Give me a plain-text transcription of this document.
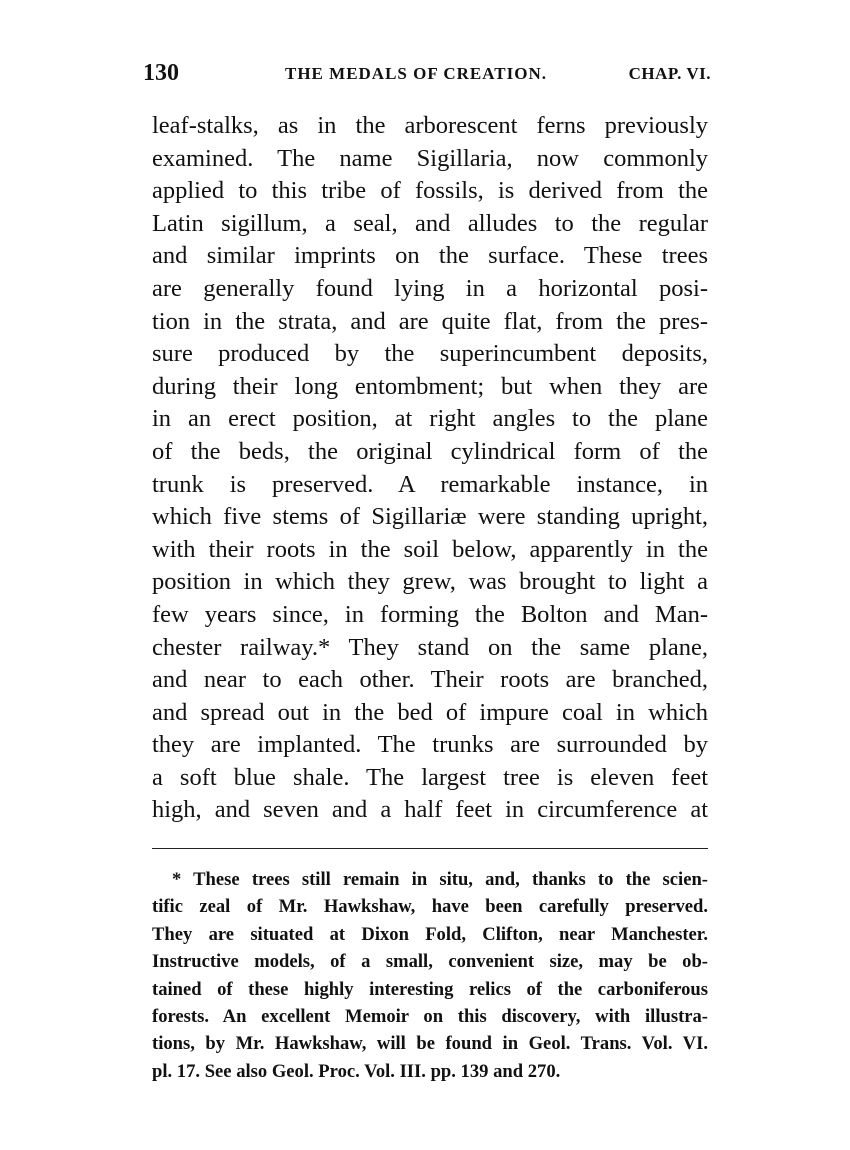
130	THE MEDALS OF CREATION.	CHAP. VI.
leaf-stalks, as in the arborescent ferns previously
examined. The name Sigillaria, now commonly
applied to this tribe of fossils, is derived from the
Latin sigillum, a seal, and alludes to the regular
and similar imprints on the surface. These trees
are generally found lying in a horizontal posi-
tion in the strata, and are quite flat, from the pres-
sure produced by the superincumbent deposits,
during their long entombment; but when they are
in an erect position, at right angles to the plane
of the beds, the original cylindrical form of the
trunk is preserved. A remarkable instance, in
which five stems of Sigillariæ were standing upright,
with their roots in the soil below, apparently in the
position in which they grew, was brought to light a
few years since, in forming the Bolton and Man-
chester railway.* They stand on the same plane,
and near to each other. Their roots are branched,
and spread out in the bed of impure coal in which
they are implanted. The trunks are surrounded by
a soft blue shale. The largest tree is eleven feet
high, and seven and a half feet in circumference at
* These trees still remain in situ, and, thanks to the scien-
tific zeal of Mr. Hawkshaw, have been carefully preserved.
They are situated at Dixon Fold, Clifton, near Manchester.
Instructive models, of a small, convenient size, may be ob-
tained of these highly interesting relics of the carboniferous
forests. An excellent Memoir on this discovery, with illustra-
tions, by Mr. Hawkshaw, will be found in Geol. Trans. Vol. VI.
pl. 17. See also Geol. Proc. Vol. III. pp. 139 and 270.
